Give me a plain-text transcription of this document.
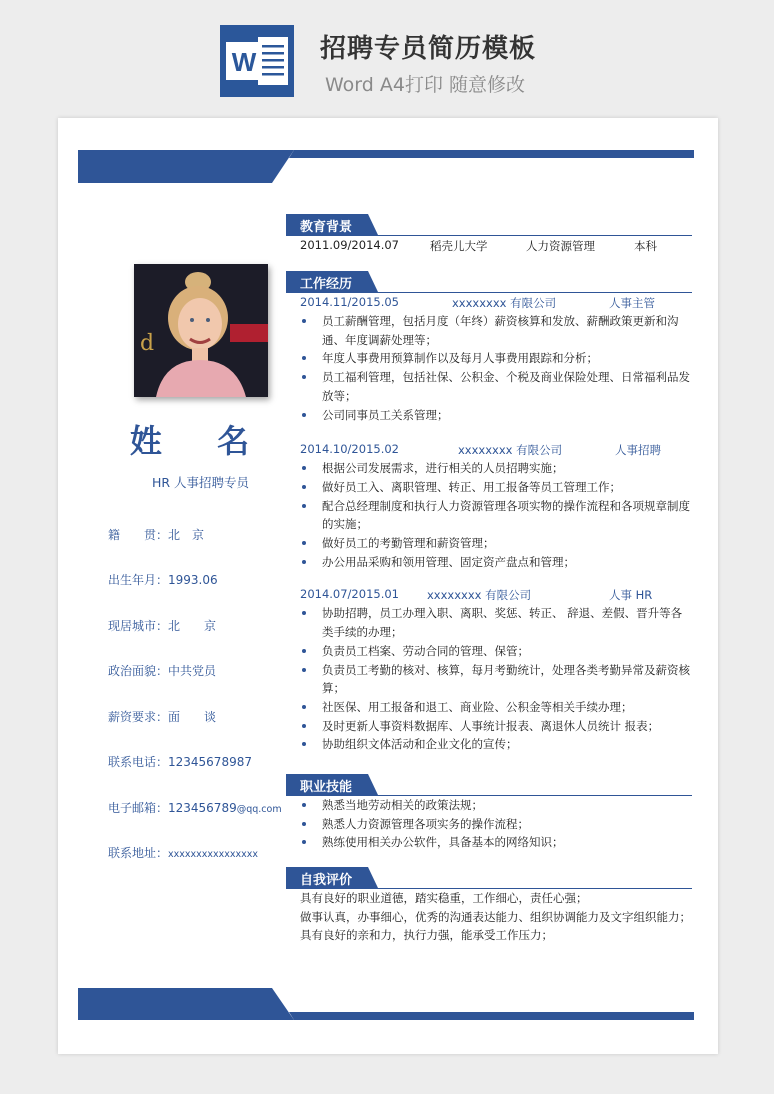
W 招聘专员简历模板
Word A4打印 随意修改
d
姓 名
HR 人事招聘专员
籍　　贯：北　京
出生年月：1993.06
现居城市：北　　京
政治面貌：中共党员
薪资要求：面　　谈
联系电话：12345678987
电子邮箱：123456789@qq.com
联系地址：xxxxxxxxxxxxxxxx
教育背景
2011.09/2014.07	稻壳儿大学	人力资源管理	本科
工作经历
2014.11/2015.05	xxxxxxxx 有限公司	人事主管
员工薪酬管理，包括月度（年终）薪资核算和发放、薪酬政策更新和沟通、年度调薪处理等；
年度人事费用预算制作以及每月人事费用跟踪和分析；
员工福利管理，包括社保、公积金、个税及商业保险处理、日常福利品发放等；
公司同事员工关系管理；
2014.10/2015.02	xxxxxxxx 有限公司	人事招聘
根据公司发展需求，进行相关的人员招聘实施；
做好员工入、离职管理、转正、用工报备等员工管理工作；
配合总经理制度和执行人力资源管理各项实物的操作流程和各项规章制度的实施；
做好员工的考勤管理和薪资管理；
办公用品采购和领用管理、固定资产盘点和管理；
2014.07/2015.01 xxxxxxxx 有限公司	人事 HR
协助招聘，员工办理入职、离职、奖惩、转正、 辞退、差假、晋升等各类手续的办理；
负责员工档案、劳动合同的管理、保管；
负责员工考勤的核对、核算，每月考勤统计，处理各类考勤异常及薪资核算；
社医保、用工报备和退工、商业险、公积金等相关手续办理；
及时更新人事资料数据库、人事统计报表、离退休人员统计 报表；
协助组织文体活动和企业文化的宣传；
职业技能
熟悉当地劳动相关的政策法规；
熟悉人力资源管理各项实务的操作流程；
熟练使用相关办公软件，具备基本的网络知识；
自我评价
具有良好的职业道德，踏实稳重，工作细心，责任心强；
做事认真，办事细心，优秀的沟通表达能力、组织协调能力及文字组织能力；
具有良好的亲和力，执行力强，能承受工作压力；
